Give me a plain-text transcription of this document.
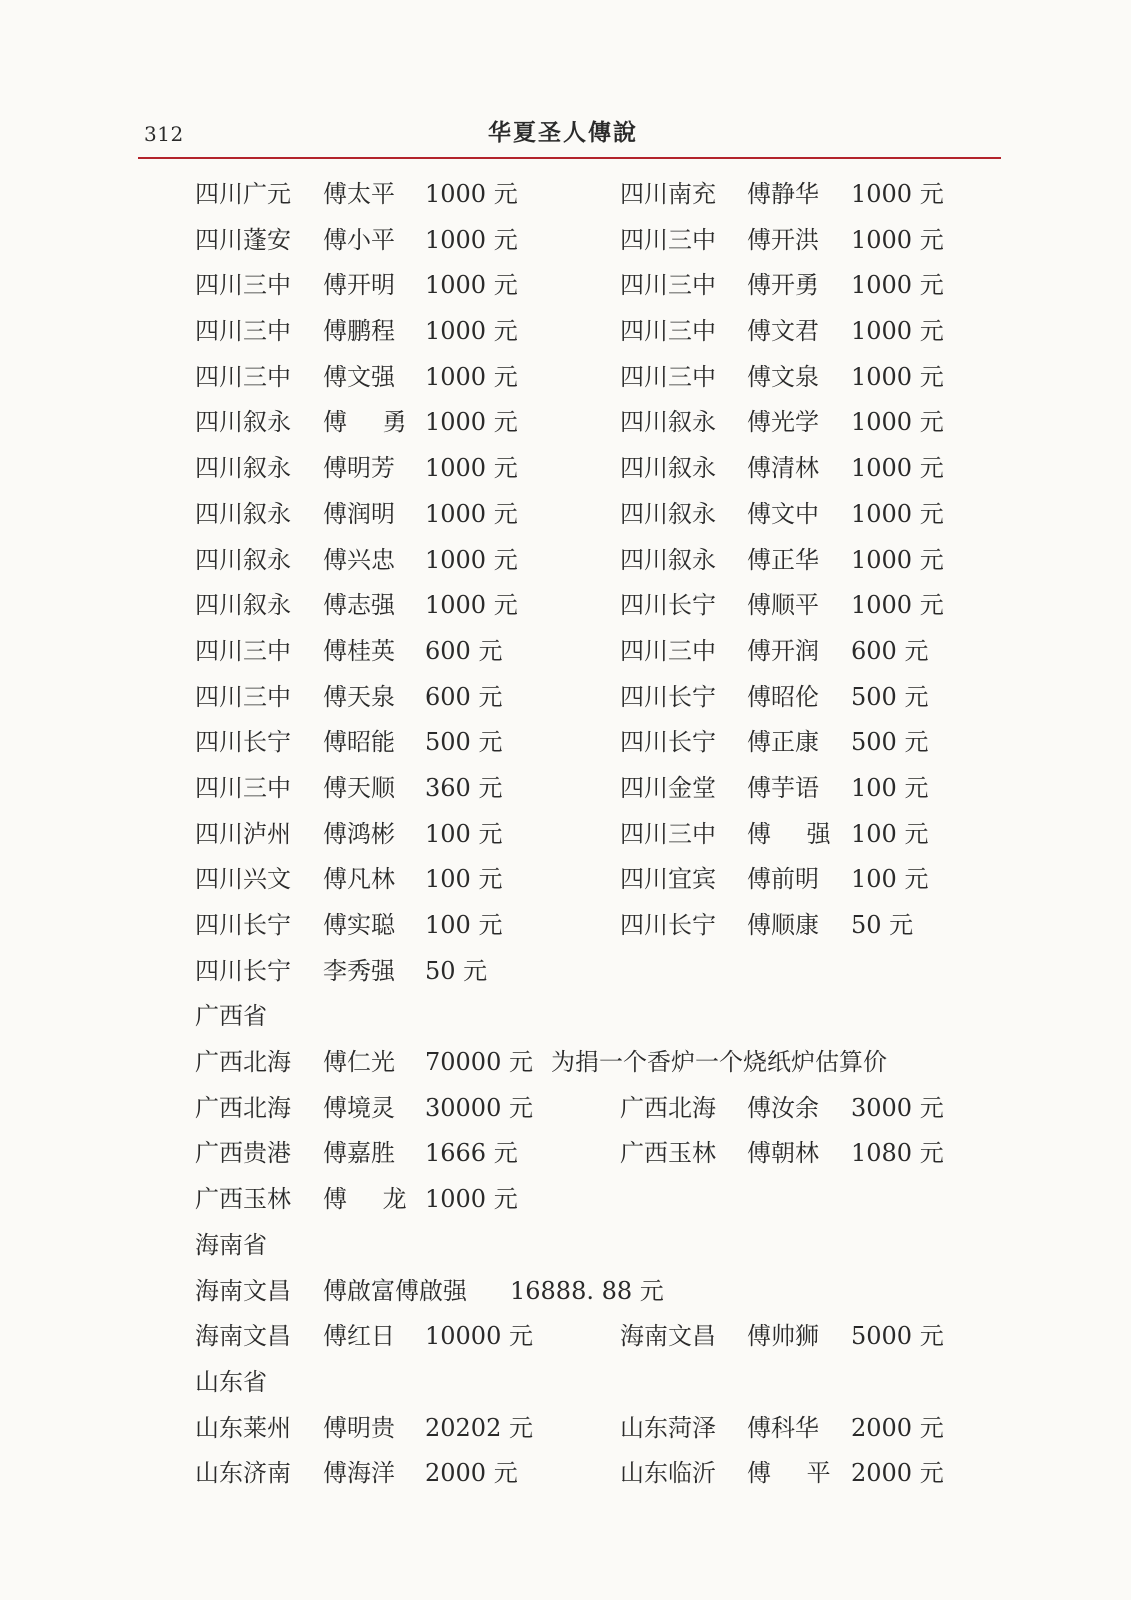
312	华夏圣人傳說
四川广元 傅太平 1000 元	四川南充 傅静华 1000 元
四川蓬安 傅小平 1000 元	四川三中 傅开洪 1000 元
四川三中 傅开明 1000 元	四川三中 傅开勇 1000 元
四川三中 傅鹏程 1000 元	四川三中 傅文君 1000 元
四川三中 傅文强 1000 元	四川三中 傅文泉 1000 元
四川叙永 傅 勇 1000 元	四川叙永 傅光学 1000 元
四川叙永 傅明芳 1000 元	四川叙永 傅清林 1000 元
四川叙永 傅润明 1000 元	四川叙永 傅文中 1000 元
四川叙永 傅兴忠 1000 元	四川叙永 傅正华 1000 元
四川叙永 傅志强 1000 元	四川长宁 傅顺平 1000 元
四川三中 傅桂英 600 元	四川三中 傅开润 600 元
四川三中 傅天泉 600 元	四川长宁 傅昭伦 500 元
四川长宁 傅昭能 500 元	四川长宁 傅正康 500 元
四川三中 傅天顺 360 元	四川金堂 傅芋语 100 元
四川泸州 傅鸿彬 100 元	四川三中 傅 强 100 元
四川兴文 傅凡林 100 元	四川宜宾 傅前明 100 元
四川长宁 傅实聪 100 元	四川长宁 傅顺康 50 元
四川长宁 李秀强 50 元
广西省
广西北海 傅仁光 70000 元 为捐一个香炉一个烧纸炉估算价
广西北海 傅境灵 30000 元	广西北海 傅汝余 3000 元
广西贵港 傅嘉胜 1666 元	广西玉林 傅朝林 1080 元
广西玉林 傅 龙 1000 元
海南省
海南文昌 傅啟富傅啟强 16888. 88 元
海南文昌 傅红日 10000 元	海南文昌 傅帅狮 5000 元
山东省
山东莱州 傅明贵 20202 元	山东菏泽 傅科华 2000 元
山东济南 傅海洋 2000 元	山东临沂 傅 平 2000 元
